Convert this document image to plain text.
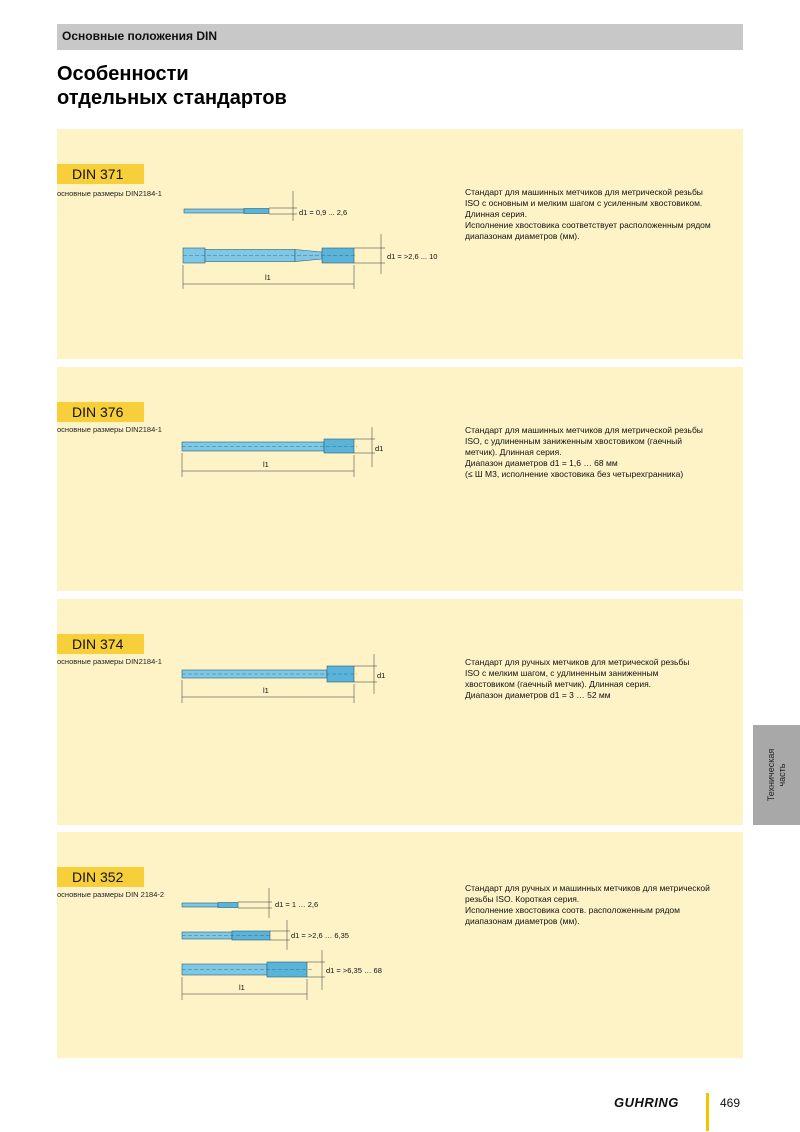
Основные положения DIN
Особенности
отдельных стандартов
DIN 371
основные размеры DIN2184-1
d1 = 0,9 ... 2,6
d1 = >2,6 ... 10
l1
Стандарт для машинных метчиков для метрической резьбы
ISO с основным и мелким шагом с усиленным хвостовиком.
Длинная серия.
Исполнение хвостовика соответствует расположенным рядом
диапазонам диаметров (мм).
DIN 376
основные размеры DIN2184-1
d1
l1
Стандарт для машинных метчиков для метрической резьбы
ISO, с удлиненным заниженным хвостовиком (гаечный
метчик). Длинная серия.
Диапазон диаметров d1 = 1,6 … 68 мм
(≤ Ш M3, исполнение хвостовика без четырехгранника)
DIN 374
основные размеры DIN2184-1
d1
l1
Стандарт для ручных метчиков для метрической резьбы
ISO с мелким шагом, с удлиненным заниженным
хвостовиком (гаечный метчик). Длинная серия.
Диапазон диаметров d1 = 3 … 52 мм
DIN 352
основные размеры DIN 2184-2
d1 = 1 … 2,6
d1 = >2,6 … 6,35
d1 = >6,35 … 68
l1
Стандарт для ручных и машинных метчиков для метрической
резьбы ISO. Короткая серия.
Исполнение хвостовика соотв. расположенным рядом
диапазонам диаметров (мм).
Техническая часть
GUHRING	469
